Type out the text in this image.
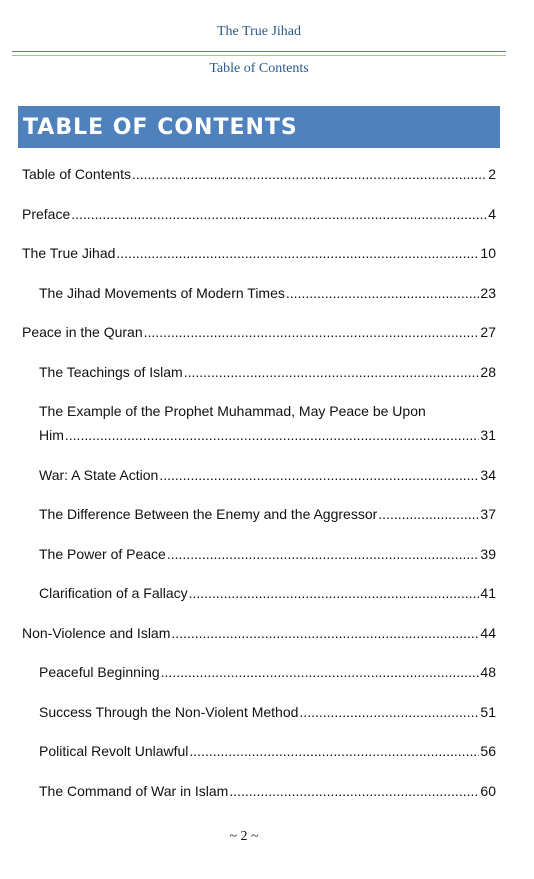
The True Jihad
Table of Contents
TABLE OF CONTENTS
Table of Contents .....	2
Preface .....	4
The True Jihad .....	10
The Jihad Movements of Modern Times .....	23
Peace in the Quran .....	27
The Teachings of Islam .....	28
The Example of the Prophet Muhammad, May Peace be Upon
Him .....	31
War: A State Action .....	34
The Difference Between the Enemy and the Aggressor .....	37
The Power of Peace .....	39
Clarification of a Fallacy .....	41
Non-Violence and Islam .....	44
Peaceful Beginning .....	48
Success Through the Non-Violent Method .....	51
Political Revolt Unlawful .....	56
The Command of War in Islam .....	60
~ 2 ~
